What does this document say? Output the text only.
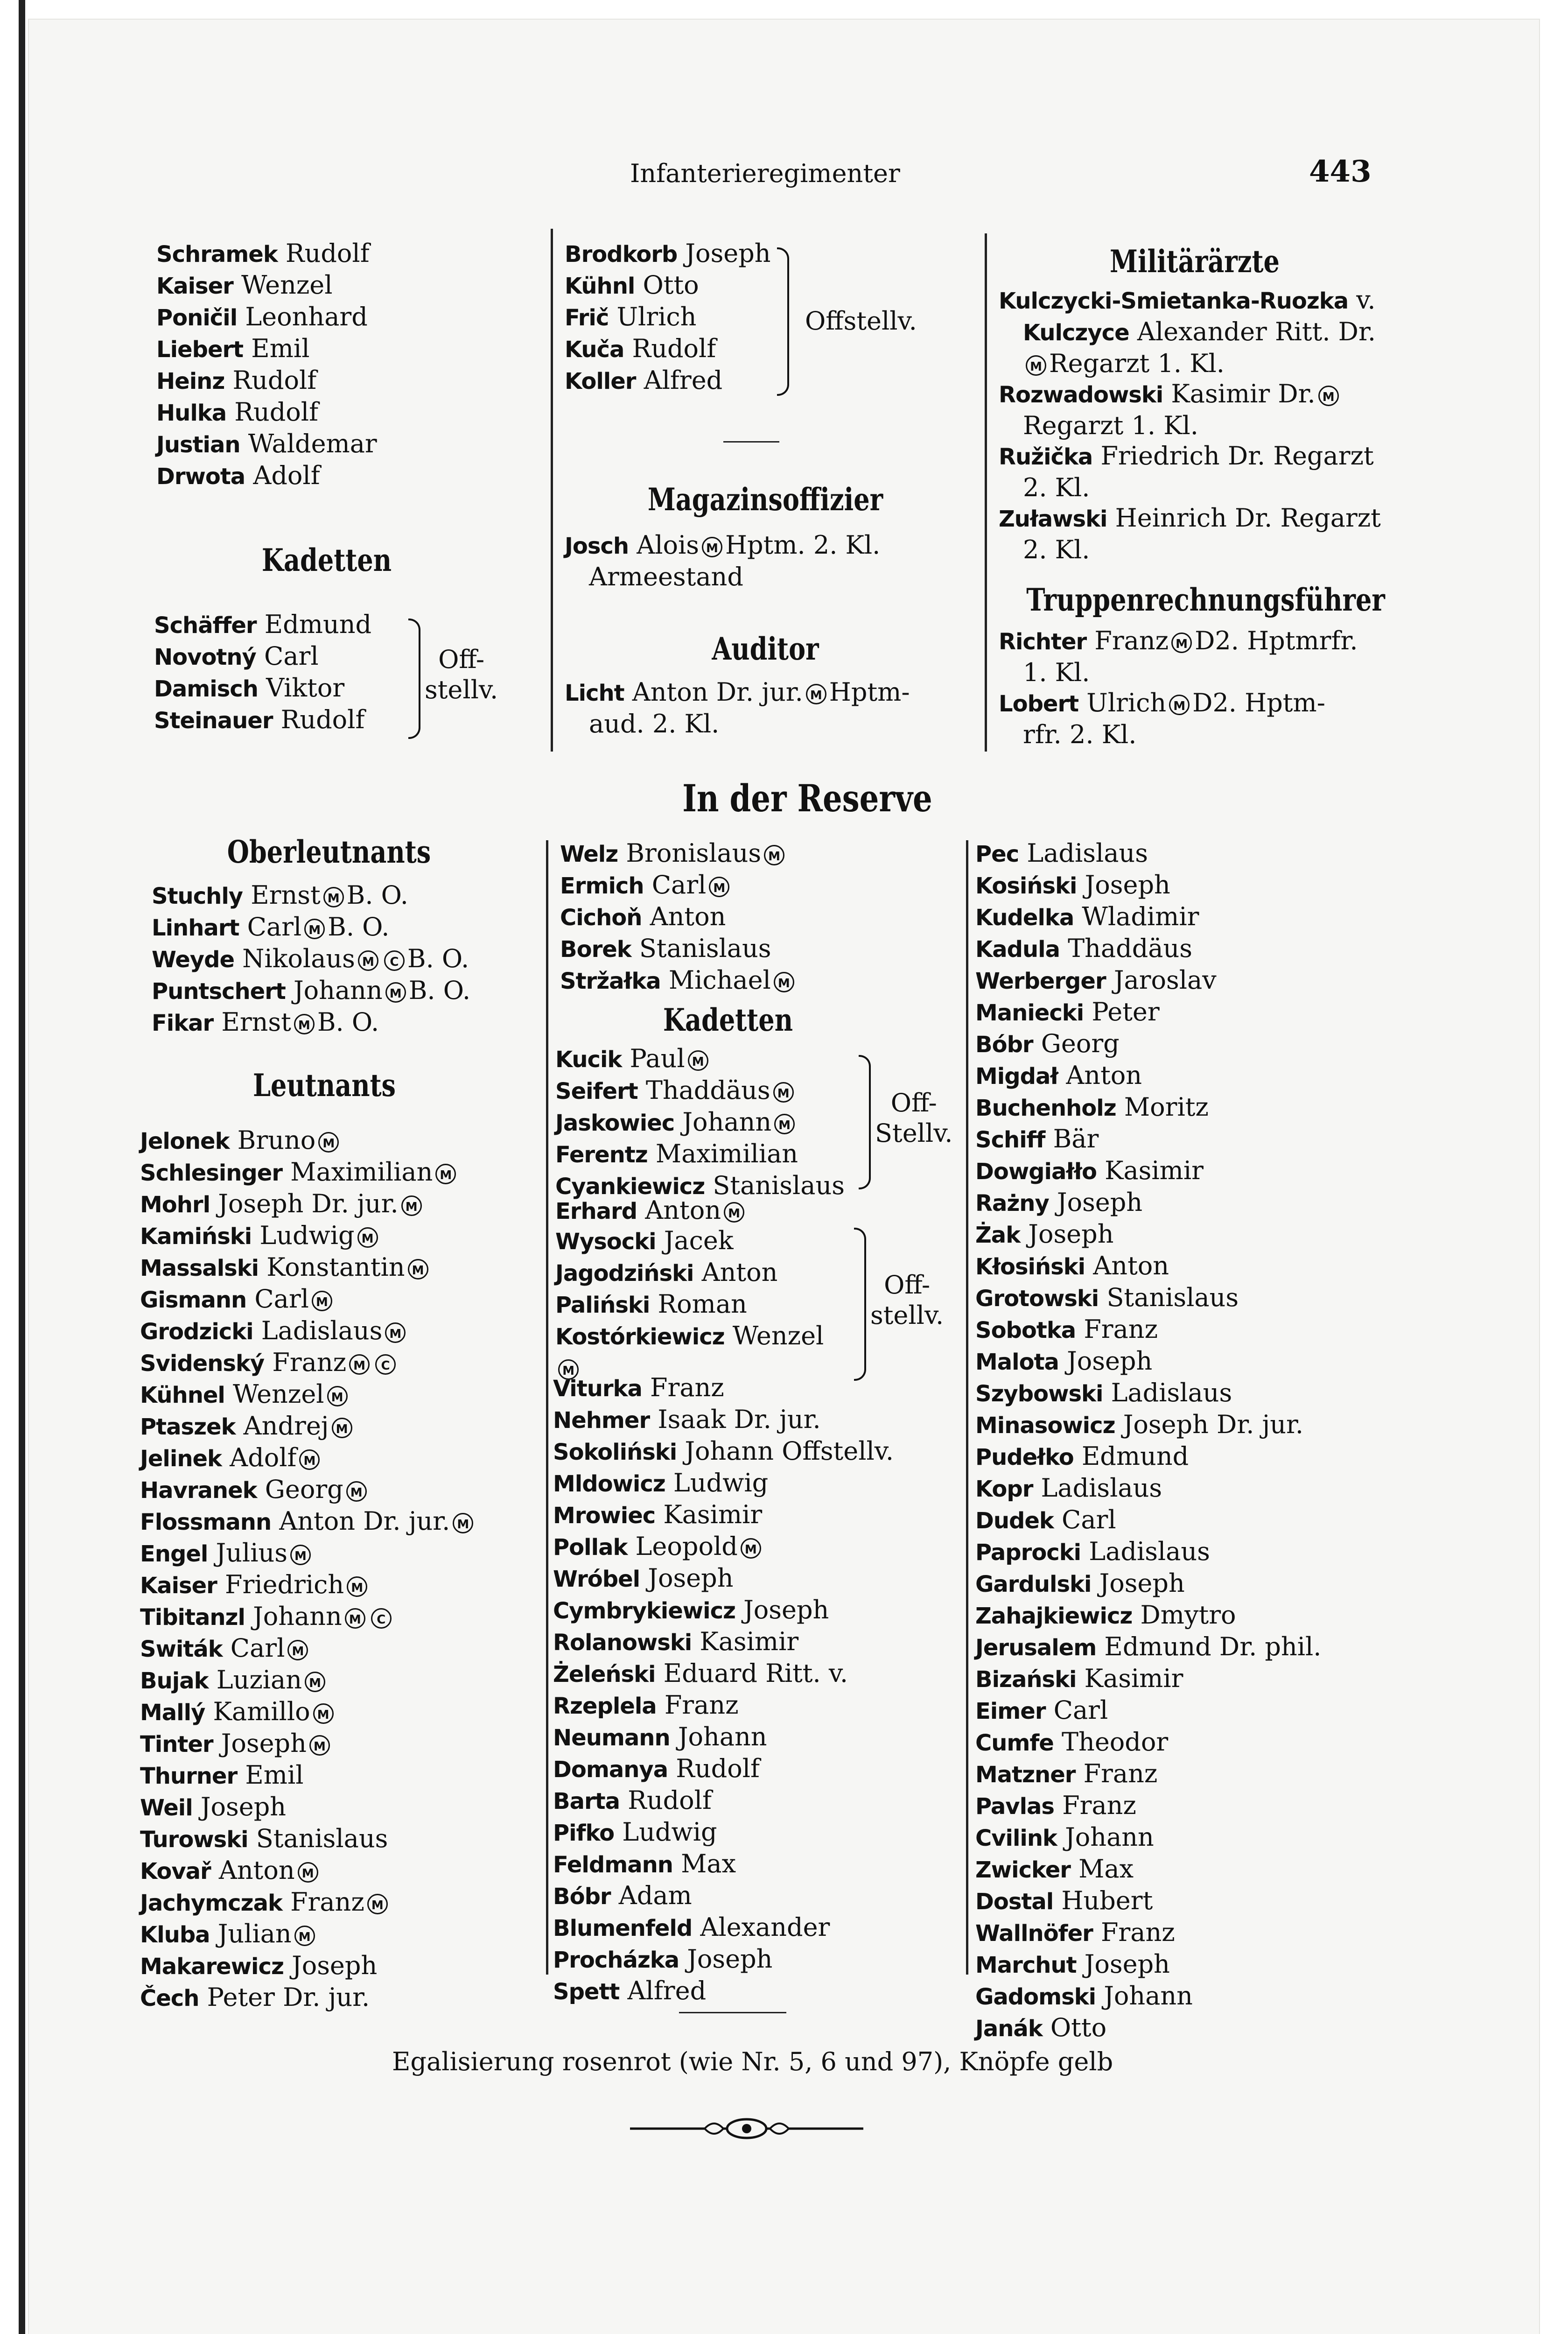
Infanterieregimenter	443
Schramek Rudolf
Kaiser Wenzel
Poničil Leonhard
Liebert Emil
Heinz Rudolf
Hulka Rudolf
Justian Waldemar
Drwota Adolf
Kadetten
Schäffer Edmund
Novotný Carl
Damisch Viktor
Steinauer Rudolf
Off-
stellv.
Oberleutnants
Stuchly Ernst M B. O.
Linhart Carl M B. O.
Weyde Nikolaus M C B. O.
Puntschert Johann M B. O.
Fikar Ernst M B. O.
Leutnants
Jelonek Bruno M
Schlesinger Maximilian M
Mohrl Joseph Dr. jur. M
Kamiński Ludwig M
Massalski Konstantin M
Gismann Carl M
Grodzicki Ladislaus M
Svidenský Franz M C
Kühnel Wenzel M
Ptaszek Andrej M
Jelinek Adolf M
Havranek Georg M
Flossmann Anton Dr. jur. M
Engel Julius M
Kaiser Friedrich M
Tibitanzl Johann M C
Switák Carl M
Bujak Luzian M
Mallý Kamillo M
Tinter Joseph M
Thurner Emil
Weil Joseph
Turowski Stanislaus
Kovař Anton M
Jachymczak Franz M
Kluba Julian M
Makarewicz Joseph
Čech Peter Dr. jur.
Brodkorb Joseph
Kühnl Otto
Frič Ulrich
Kuča Rudolf
Koller Alfred
Offstellv.
Magazinsoffizier
Josch Alois M Hptm. 2. Kl.
Armeestand
Auditor
Licht Anton Dr. jur. M Hptm-
aud. 2. Kl.
Militärärzte
Kulczycki-Smietanka-Ruozka v.
Kulczyce Alexander Ritt. Dr.
M Regarzt 1. Kl.
Rozwadowski Kasimir Dr. M
Regarzt 1. Kl.
Ružička Friedrich Dr. Regarzt
2. Kl.
Zuławski Heinrich Dr. Regarzt
2. Kl.
Truppenrechnungsführer
Richter Franz M D2. Hptmrfr.
1. Kl.
Lobert Ulrich M D2. Hptm-
rfr. 2. Kl.
In der Reserve
Welz Bronislaus M
Ermich Carl M
Cichoň Anton
Borek Stanislaus
Stržałka Michael M
Kadetten
Kucik Paul M
Seifert Thaddäus M
Jaskowiec Johann M
Ferentz Maximilian
Cyankiewicz Stanislaus
Off-
Stellv.
Erhard Anton M
Wysocki Jacek
Jagodziński Anton
Paliński Roman
Kostórkiewicz Wenzel
M
Off-
stellv.
Viturka Franz
Nehmer Isaak Dr. jur.
Sokoliński Johann Offstellv.
Mldowicz Ludwig
Mrowiec Kasimir
Pollak Leopold M
Wróbel Joseph
Cymbrykiewicz Joseph
Rolanowski Kasimir
Żeleński Eduard Ritt. v.
Rzeplela Franz
Neumann Johann
Domanya Rudolf
Barta Rudolf
Pifko Ludwig
Feldmann Max
Bóbr Adam
Blumenfeld Alexander
Procházka Joseph
Spett Alfred
Pec Ladislaus
Kosiński Joseph
Kudelka Wladimir
Kadula Thaddäus
Werberger Jaroslav
Maniecki Peter
Bóbr Georg
Migdał Anton
Buchenholz Moritz
Schiff Bär
Dowgiałło Kasimir
Rażny Joseph
Żak Joseph
Kłosiński Anton
Grotowski Stanislaus
Sobotka Franz
Malota Joseph
Szybowski Ladislaus
Minasowicz Joseph Dr. jur.
Pudełko Edmund
Kopr Ladislaus
Dudek Carl
Paprocki Ladislaus
Gardulski Joseph
Zahajkiewicz Dmytro
Jerusalem Edmund Dr. phil.
Bizański Kasimir
Eimer Carl
Cumfe Theodor
Matzner Franz
Pavlas Franz
Cvilink Johann
Zwicker Max
Dostal Hubert
Wallnöfer Franz
Marchut Joseph
Gadomski Johann
Janák Otto
Egalisierung rosenrot (wie Nr. 5, 6 und 97), Knöpfe gelb
